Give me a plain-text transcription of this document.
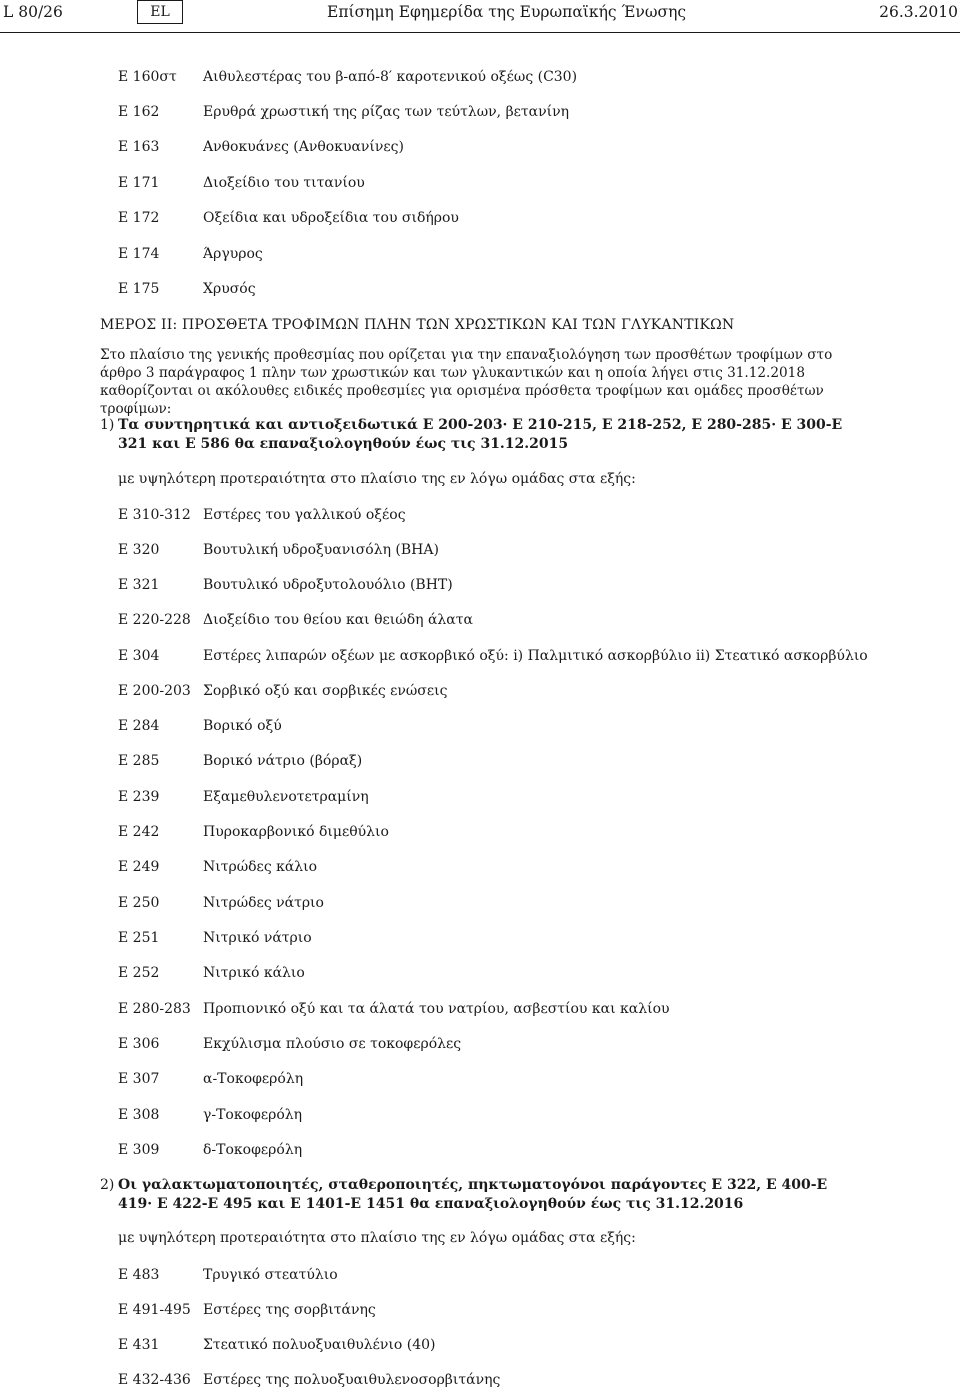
L 80/26	EL	Επίσημη Εφημερίδα της Ευρωπαϊκής Ένωσης	26.3.2010
E 160στ Αιθυλεστέρας του β-από-8′ καροτενικού οξέως (C30)
E 162	Ερυθρά χρωστική της ρίζας των τεύτλων, βετανίνη
E 163	Ανθοκυάνες (Ανθοκυανίνες)
E 171	Διοξείδιο του τιτανίου
E 172	Οξείδια και υδροξείδια του σιδήρου
E 174	Άργυρος
E 175	Χρυσός
ΜΕΡΟΣ ΙΙ: ΠΡΟΣΘΕΤΑ ΤΡΟΦΙΜΩΝ ΠΛΗΝ ΤΩΝ ΧΡΩΣΤΙΚΩΝ ΚΑΙ ΤΩΝ ΓΛΥΚΑΝΤΙΚΩΝ
Στο πλαίσιο της γενικής προθεσμίας που ορίζεται για την επαναξιολόγηση των προσθέτων τροφίμων στο άρθρο 3 παράγραφος 1 πλην των χρωστικών και των γλυκαντικών και η οποία λήγει στις 31.12.2018 καθορίζονται οι ακόλουθες ειδικές προθεσμίες για ορισμένα πρόσθετα τροφίμων και ομάδες προσθέτων τροφίμων:
1) Τα συντηρητικά και αντιοξειδωτικά E 200-203· E 210-215, E 218-252, E 280-285· E 300-E 321 και E 586 θα επαναξιολογηθούν έως τις 31.12.2015
με υψηλότερη προτεραιότητα στο πλαίσιο της εν λόγω ομάδας στα εξής:
E 310-312 Εστέρες του γαλλικού οξέος
E 320	Βουτυλική υδροξυανισόλη (BHA)
E 321	Βουτυλικό υδροξυτολουόλιο (BHT)
E 220-228 Διοξείδιο του θείου και θειώδη άλατα
E 304	Εστέρες λιπαρών οξέων με ασκορβικό οξύ: i) Παλμιτικό ασκορβύλιο ii) Στεατικό ασκορβύλιο
E 200-203 Σορβικό οξύ και σορβικές ενώσεις
E 284	Βορικό οξύ
E 285	Βορικό νάτριο (βόραξ)
E 239	Εξαμεθυλενοτετραμίνη
E 242	Πυροκαρβονικό διμεθύλιο
E 249	Νιτρώδες κάλιο
E 250	Νιτρώδες νάτριο
E 251	Νιτρικό νάτριο
E 252	Νιτρικό κάλιο
E 280-283 Προπιονικό οξύ και τα άλατά του νατρίου, ασβεστίου και καλίου
E 306	Εκχύλισμα πλούσιο σε τοκοφερόλες
E 307	α-Τοκοφερόλη
E 308	γ-Τοκοφερόλη
E 309	δ-Τοκοφερόλη
2) Οι γαλακτωματοποιητές, σταθεροποιητές, πηκτωματογόνοι παράγοντες E 322, E 400-E 419· E 422-E 495 και E 1401-E 1451 θα επαναξιολογηθούν έως τις 31.12.2016
με υψηλότερη προτεραιότητα στο πλαίσιο της εν λόγω ομάδας στα εξής:
E 483	Τρυγικό στεατύλιο
E 491-495 Εστέρες της σορβιτάνης
E 431	Στεατικό πολυοξυαιθυλένιο (40)
E 432-436 Εστέρες της πολυοξυαιθυλενοσορβιτάνης
